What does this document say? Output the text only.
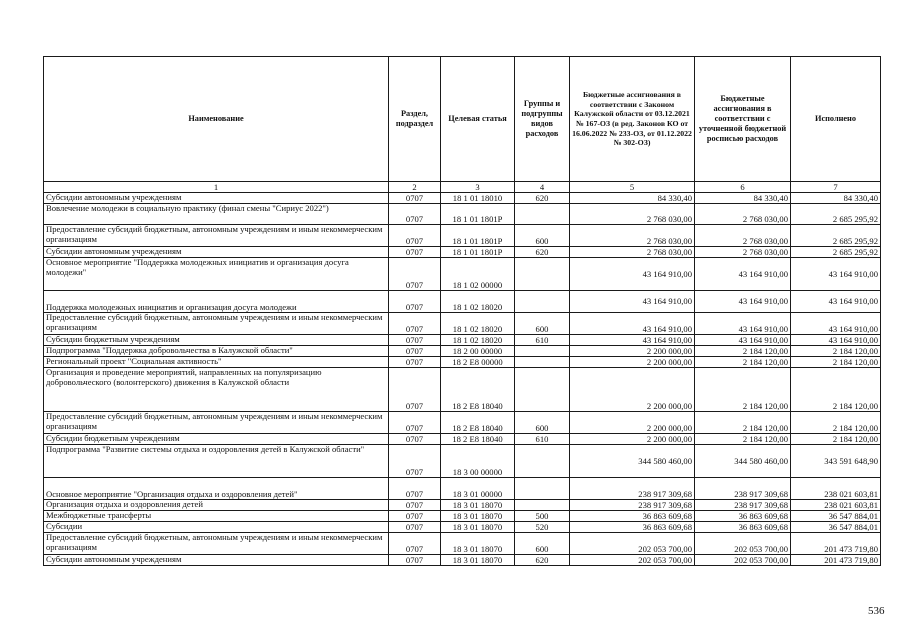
Наименование	Раздел, подраздел	Целевая статья	Группы и подгруппы видов расходов	Бюджетные ассигнования в соответствии с Законом Калужской области от 03.12.2021 № 167-ОЗ (в ред. Законов КО от 16.06.2022 № 233-ОЗ, от 01.12.2022 № 302-ОЗ)	Бюджетные ассигнования в соответствии с уточненной бюджетной росписью расходов	Исполнено
1	2	3	4	5	6	7
Субсидии автономным учреждениям	0707	18 1 01 18010	620	84 330,40	84 330,40	84 330,40
Вовлечение молодежи в социальную практику (финал смены "Сириус 2022")	0707	18 1 01 1801P		2 768 030,00	2 768 030,00	2 685 295,92
Предоставление субсидий бюджетным, автономным учреждениям и иным некоммерческим организациям	0707	18 1 01 1801P	600	2 768 030,00	2 768 030,00	2 685 295,92
Субсидии автономным учреждениям	0707	18 1 01 1801P	620	2 768 030,00	2 768 030,00	2 685 295,92
Основное мероприятие "Поддержка молодежных инициатив и организация досуга молодежи"	0707	18 1 02 00000		43 164 910,00	43 164 910,00	43 164 910,00
Поддержка молодежных инициатив и организация досуга молодежи	0707	18 1 02 18020		43 164 910,00	43 164 910,00	43 164 910,00
Предоставление субсидий бюджетным, автономным учреждениям и иным некоммерческим организациям	0707	18 1 02 18020	600	43 164 910,00	43 164 910,00	43 164 910,00
Субсидии бюджетным учреждениям	0707	18 1 02 18020	610	43 164 910,00	43 164 910,00	43 164 910,00
Подпрограмма "Поддержка добровольчества в Калужской области"	0707	18 2 00 00000		2 200 000,00	2 184 120,00	2 184 120,00
Региональный проект "Социальная активность"	0707	18 2 E8 00000		2 200 000,00	2 184 120,00	2 184 120,00
Организация и проведение мероприятий, направленных на популяризацию добровольческого (волонтерского) движения в Калужской области	0707	18 2 E8 18040		2 200 000,00	2 184 120,00	2 184 120,00
Предоставление субсидий бюджетным, автономным учреждениям и иным некоммерческим организациям	0707	18 2 E8 18040	600	2 200 000,00	2 184 120,00	2 184 120,00
Субсидии бюджетным учреждениям	0707	18 2 E8 18040	610	2 200 000,00	2 184 120,00	2 184 120,00
Подпрограмма "Развитие системы отдыха и оздоровления детей в Калужской области"	0707	18 3 00 00000		344 580 460,00	344 580 460,00	343 591 648,90
Основное мероприятие "Организация отдыха и оздоровления детей"	0707	18 3 01 00000		238 917 309,68	238 917 309,68	238 021 603,81
Организация отдыха и оздоровления детей	0707	18 3 01 18070		238 917 309,68	238 917 309,68	238 021 603,81
Межбюджетные трансферты	0707	18 3 01 18070	500	36 863 609,68	36 863 609,68	36 547 884,01
Субсидии	0707	18 3 01 18070	520	36 863 609,68	36 863 609,68	36 547 884,01
Предоставление субсидий бюджетным, автономным учреждениям и иным некоммерческим организациям	0707	18 3 01 18070	600	202 053 700,00	202 053 700,00	201 473 719,80
Субсидии автономным учреждениям	0707	18 3 01 18070	620	202 053 700,00	202 053 700,00	201 473 719,80
536
